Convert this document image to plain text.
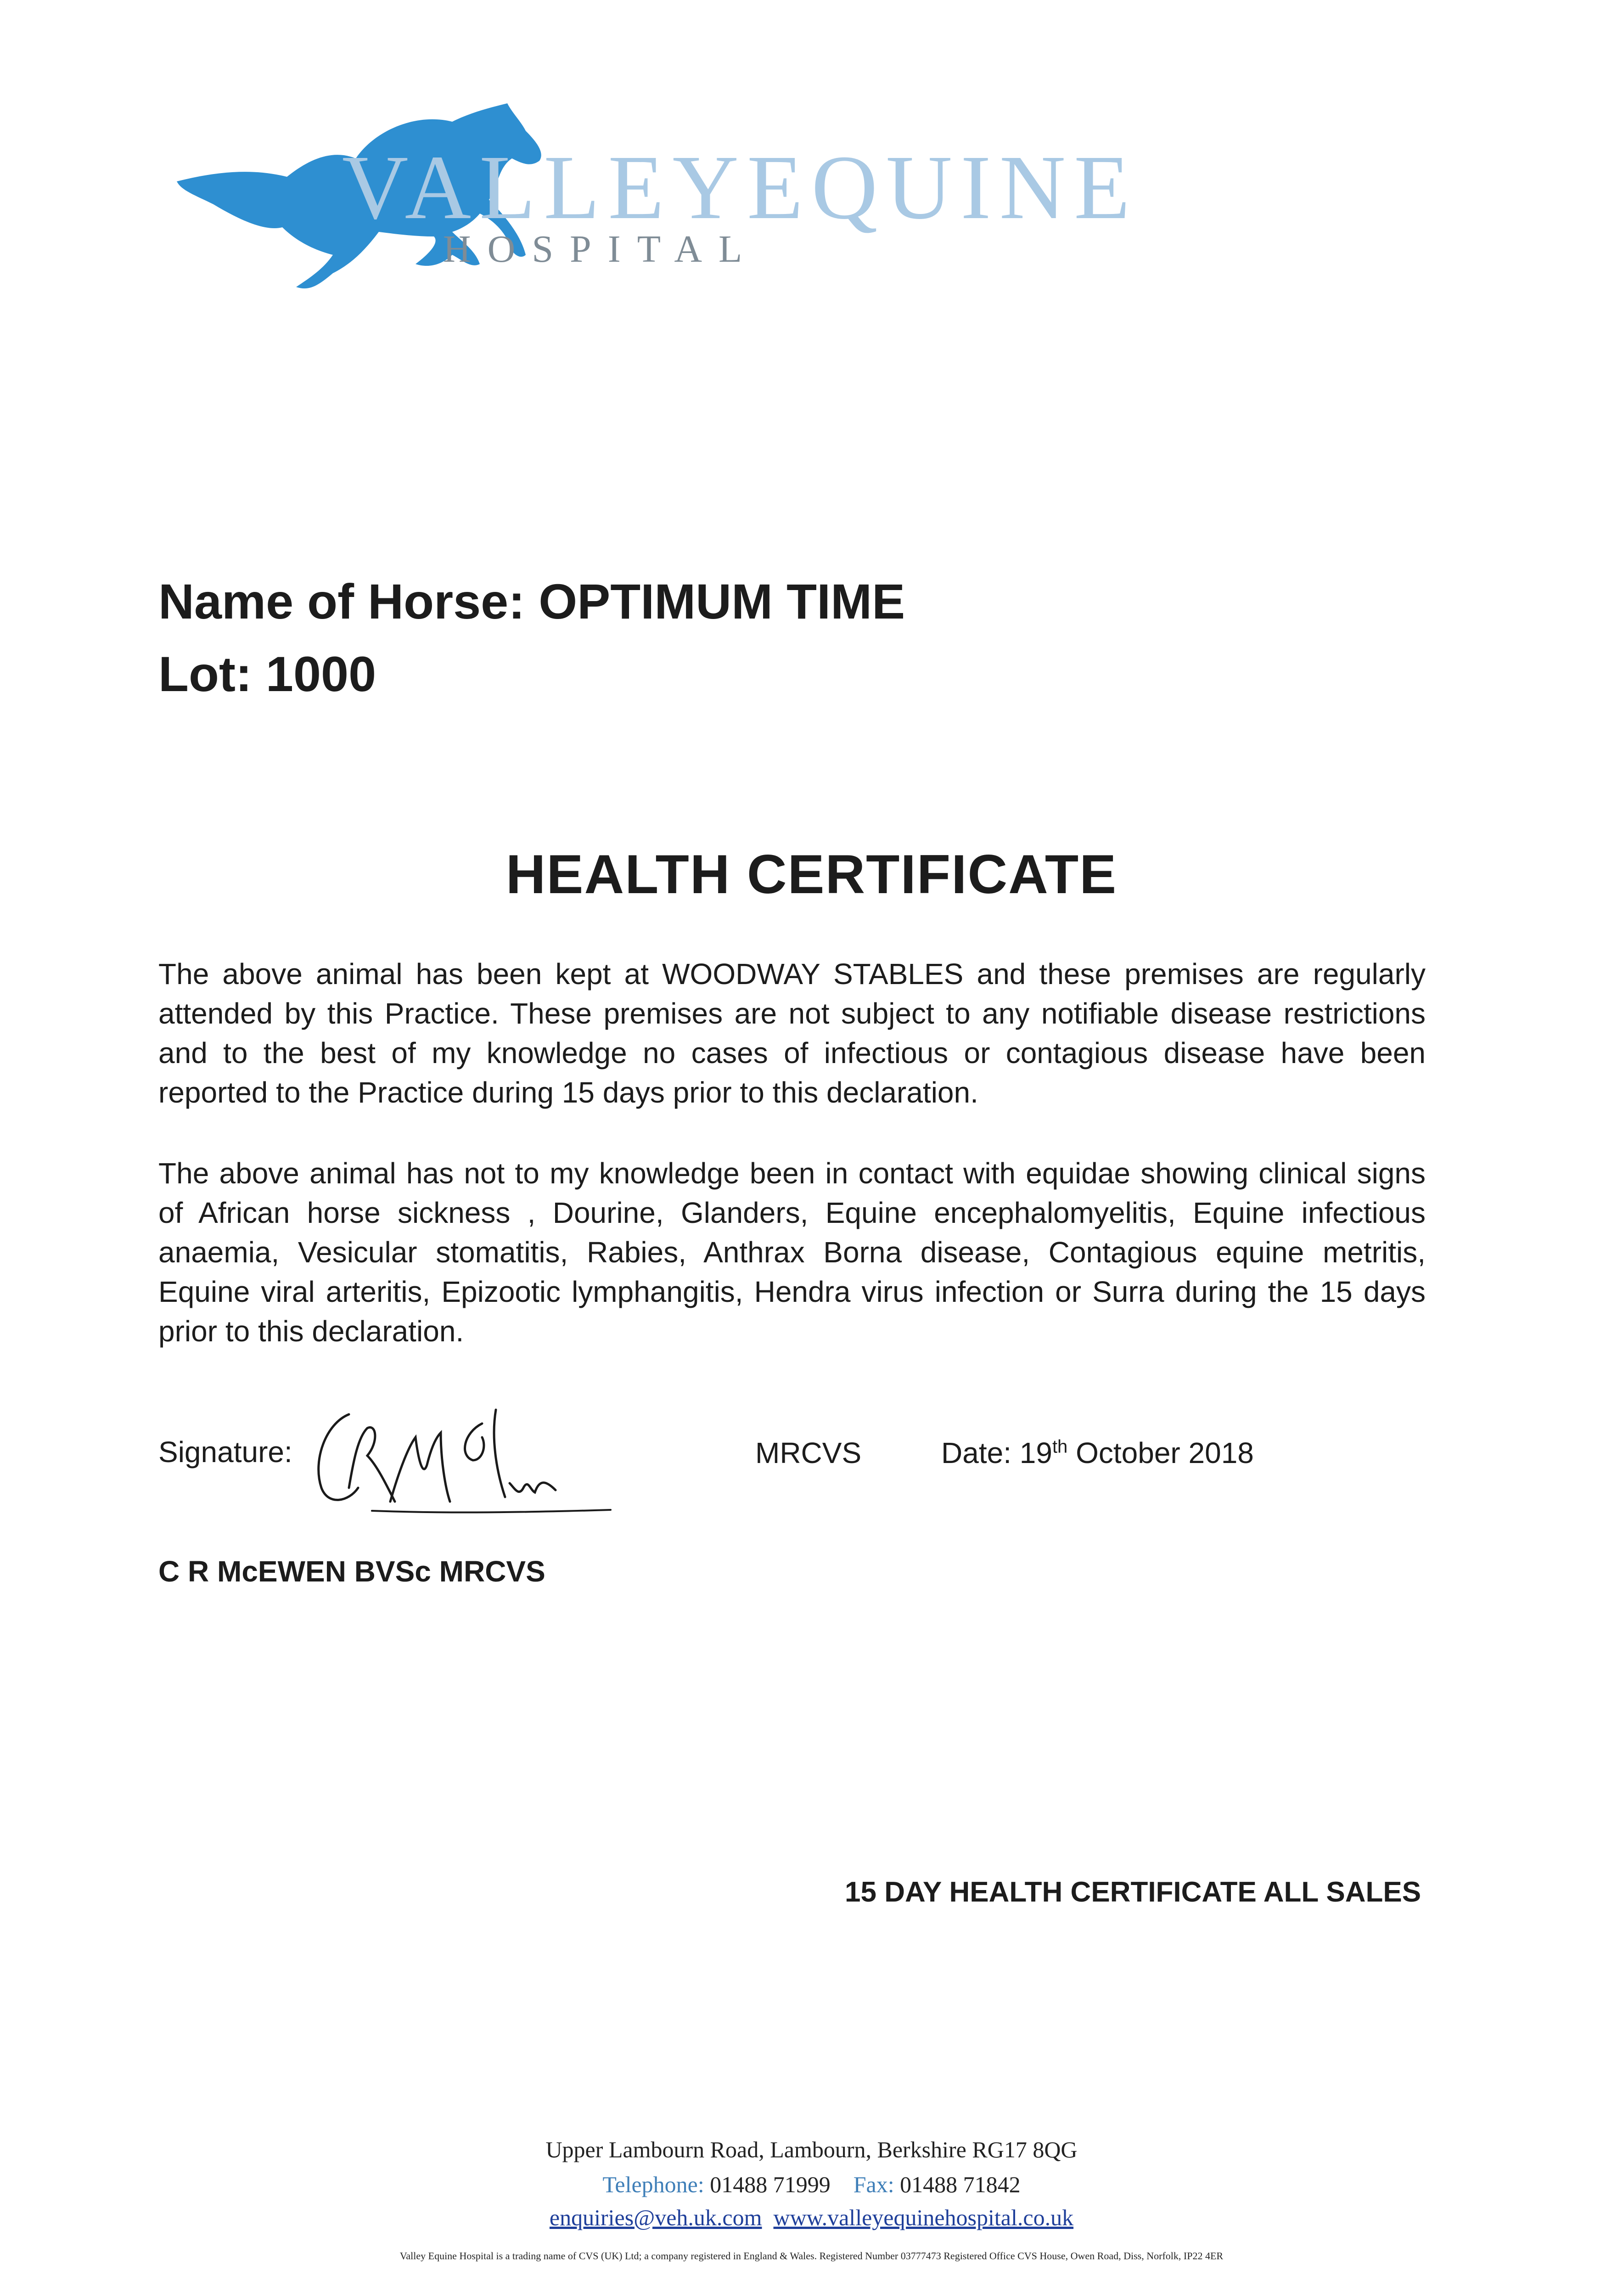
VALLEYEQUINE
HOSPITAL
Name of Horse: OPTIMUM TIME
Lot: 1000
HEALTH CERTIFICATE
The above animal has been kept at WOODWAY STABLES and these premises are regularly attended by this Practice. These premises are not subject to any notifiable disease restrictions and to the best of my knowledge no cases of infectious or contagious disease have been reported to the Practice during 15 days prior to this declaration.
The above animal has not to my knowledge been in contact with equidae showing clinical signs of African horse sickness , Dourine, Glanders, Equine encephalomyelitis, Equine infectious anaemia, Vesicular stomatitis, Rabies, Anthrax Borna disease, Contagious equine metritis, Equine viral arteritis, Epizootic lymphangitis, Hendra virus infection or Surra during the 15 days prior to this declaration.
Signature:	MRCVS	Date: 19th October 2018
C R McEWEN BVSc MRCVS
15 DAY HEALTH CERTIFICATE ALL SALES
Upper Lambourn Road, Lambourn, Berkshire RG17 8QG
Telephone: 01488 71999 Fax: 01488 71842
enquiries@veh.uk.com www.valleyequinehospital.co.uk
Valley Equine Hospital is a trading name of CVS (UK) Ltd; a company registered in England & Wales. Registered Number 03777473 Registered Office CVS House, Owen Road, Diss, Norfolk, IP22 4ER
